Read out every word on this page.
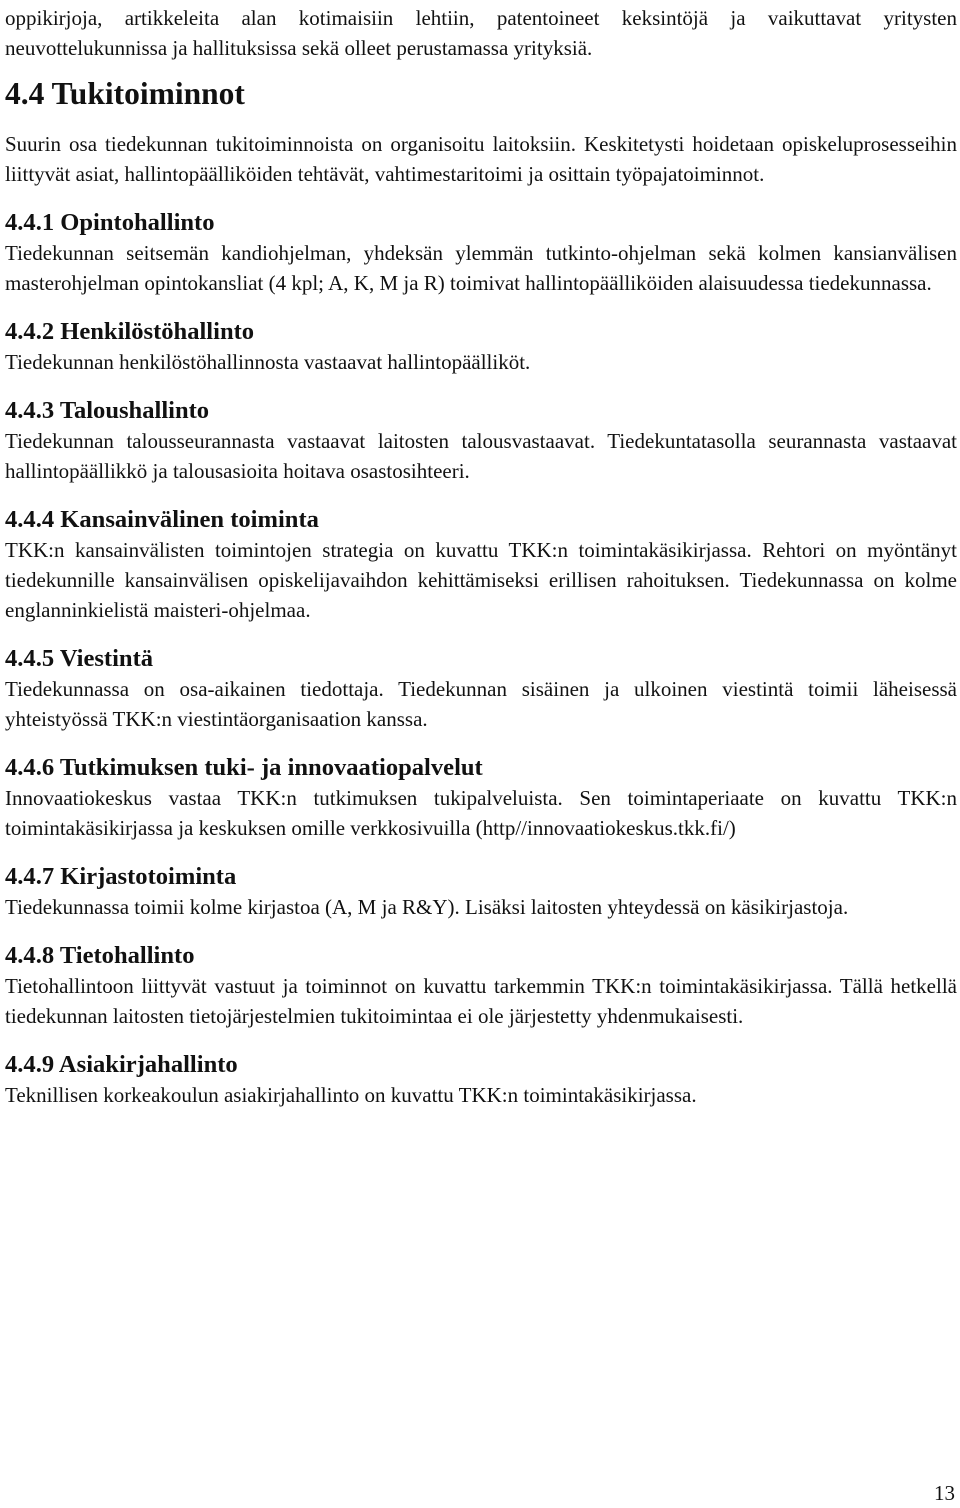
oppikirjoja, artikkeleita alan kotimaisiin lehtiin, patentoineet keksintöjä ja vaikuttavat yritysten neuvottelukunnissa ja hallituksissa sekä olleet perustamassa yrityksiä.

4.4 Tukitoiminnot

Suurin osa tiedekunnan tukitoiminnoista on organisoitu laitoksiin. Keskitetysti hoidetaan opiskeluprosesseihin liittyvät asiat, hallintopäälliköiden tehtävät, vahtimestaritoimi ja osittain työpajatoiminnot.

4.4.1 Opintohallinto

Tiedekunnan seitsemän kandiohjelman, yhdeksän ylemmän tutkinto-ohjelman sekä kolmen kansianvälisen masterohjelman opintokansliat (4 kpl; A, K, M ja R) toimivat hallintopäälliköiden alaisuudessa tiedekunnassa.

4.4.2 Henkilöstöhallinto

Tiedekunnan henkilöstöhallinnosta vastaavat hallintopäälliköt.

4.4.3 Taloushallinto

Tiedekunnan talousseurannasta vastaavat laitosten talousvastaavat. Tiedekuntatasolla seurannasta vastaavat hallintopäällikkö ja talousasioita hoitava osastosihteeri.

4.4.4 Kansainvälinen toiminta

TKK:n kansainvälisten toimintojen strategia on kuvattu TKK:n toimintakäsikirjassa. Rehtori on myöntänyt tiedekunnille kansainvälisen opiskelijavaihdon kehittämiseksi erillisen rahoituksen. Tiedekunnassa on kolme englanninkielistä maisteri-ohjelmaa.

4.4.5 Viestintä

Tiedekunnassa on osa-aikainen tiedottaja. Tiedekunnan sisäinen ja ulkoinen viestintä toimii läheisessä yhteistyössä TKK:n viestintäorganisaation kanssa.

4.4.6 Tutkimuksen tuki- ja innovaatiopalvelut

Innovaatiokeskus vastaa TKK:n tutkimuksen tukipalveluista. Sen toimintaperiaate on kuvattu TKK:n toimintakäsikirjassa ja keskuksen omille verkkosivuilla (http//innovaatiokeskus.tkk.fi/)

4.4.7 Kirjastotoiminta

Tiedekunnassa toimii kolme kirjastoa (A, M ja R&Y). Lisäksi laitosten yhteydessä on käsikirjastoja.

4.4.8 Tietohallinto

Tietohallintoon liittyvät vastuut ja toiminnot on kuvattu tarkemmin TKK:n toimintakäsikirjassa. Tällä hetkellä tiedekunnan laitosten tietojärjestelmien tukitoimintaa ei ole järjestetty yhdenmukaisesti.

4.4.9 Asiakirjahallinto

Teknillisen korkeakoulun asiakirjahallinto on kuvattu TKK:n toimintakäsikirjassa.

13
